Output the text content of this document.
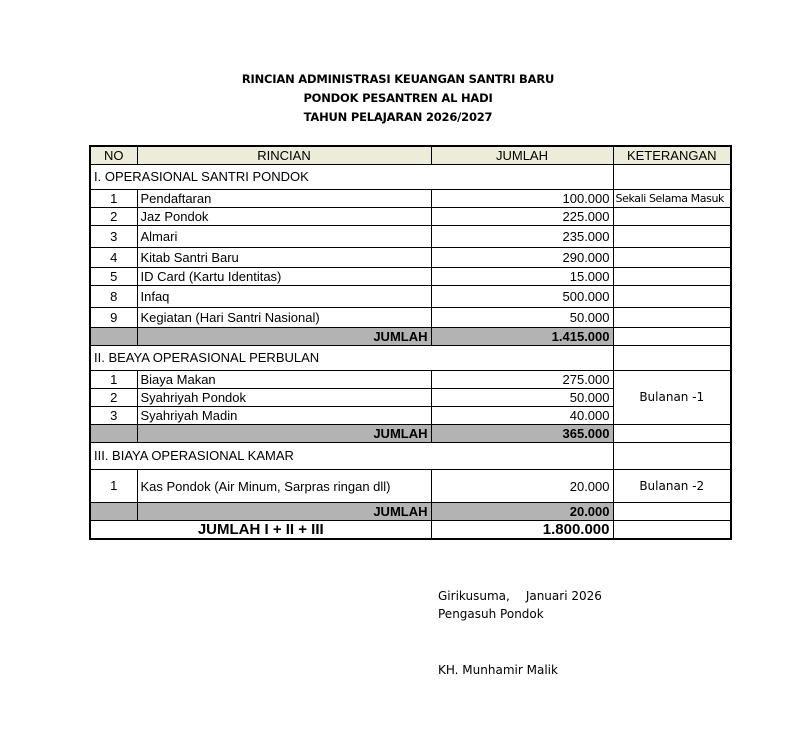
RINCIAN ADMINISTRASI KEUANGAN SANTRI BARU
PONDOK PESANTREN AL HADI
TAHUN PELAJARAN 2026/2027
NO	RINCIAN	JUMLAH	KETERANGAN
I. OPERASIONAL SANTRI PONDOK			
1	Pendaftaran	100.000	Sekali Selama Masuk
2	Jaz Pondok	225.000	
3	Almari	235.000	
4	Kitab Santri Baru	290.000	
5	ID Card (Kartu Identitas)	15.000	
8	Infaq	500.000	
9	Kegiatan (Hari Santri Nasional)	50.000	
	JUMLAH	1.415.000	
II. BEAYA OPERASIONAL PERBULAN			
1	Biaya Makan	275.000	Bulanan -1
2	Syahriyah Pondok	50.000	
3	Syahriyah Madin	40.000	
	JUMLAH	365.000	
III. BIAYA OPERASIONAL KAMAR			
1	Kas Pondok (Air Minum, Sarpras ringan dll)	20.000	Bulanan -2
	JUMLAH	20.000	
JUMLAH I + II + III		1.800.000	
Girikusuma, Januari 2026
Pengasuh Pondok
KH. Munhamir Malik
